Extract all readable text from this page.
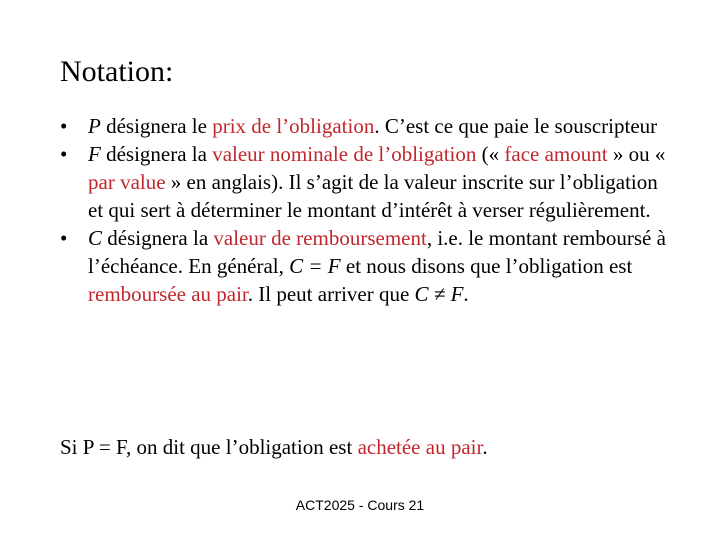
Notation:
• P désignera le prix de l’obligation. C’est ce que paie le souscripteur
• F désignera la valeur nominale de l’obligation (« face amount » ou « par value » en anglais). Il s’agit de la valeur inscrite sur l’obligation et qui sert à déterminer le montant d’intérêt à verser régulièrement.
• C désignera la valeur de remboursement, i.e. le montant remboursé à l’échéance. En général, C = F et nous disons que l’obligation est remboursée au pair. Il peut arriver que C ≠ F.

Si P = F, on dit que l’obligation est achetée au pair.

ACT2025 - Cours 21
